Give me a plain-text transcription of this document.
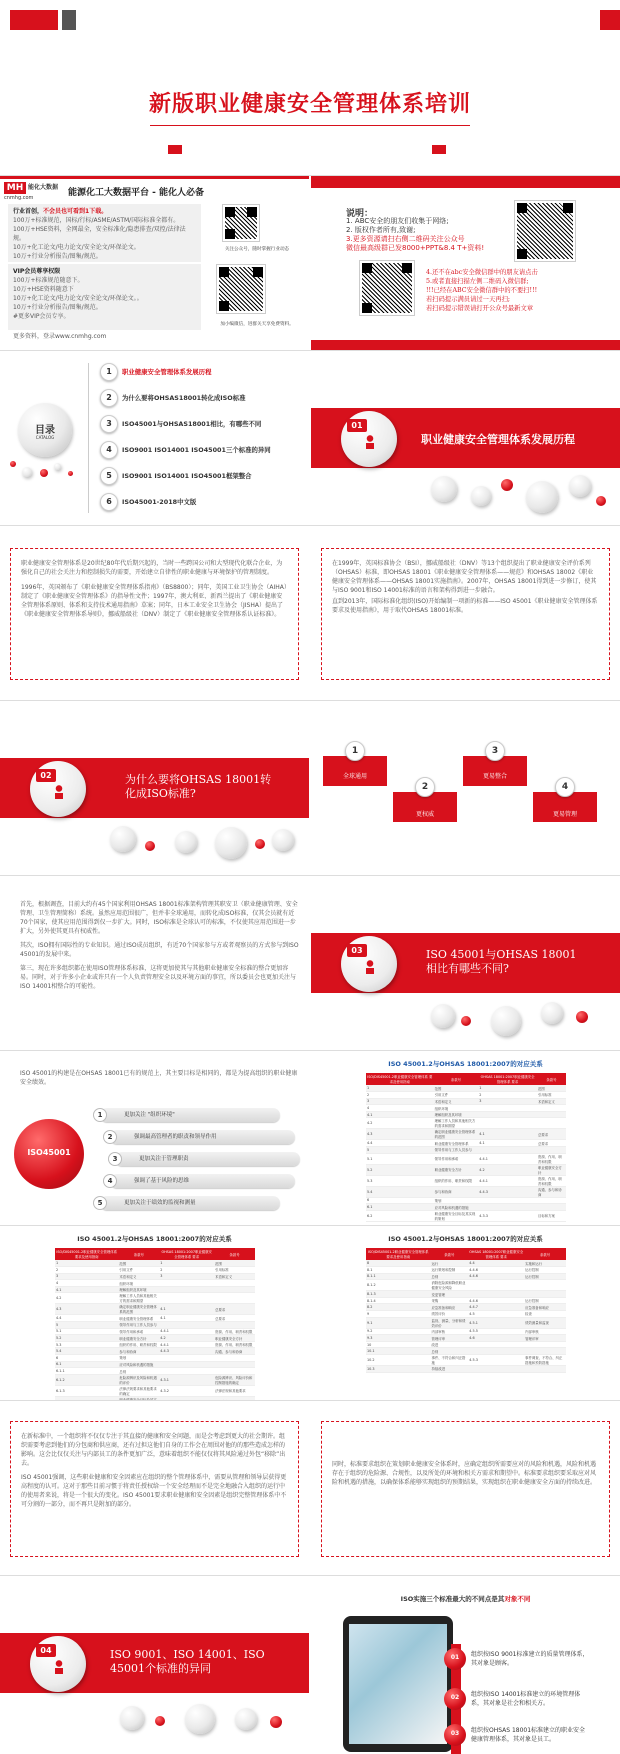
新版职业健康安全管理体系培训
MH 能化大数据
cnmhg.com	能源化工大数据平台 - 能化人必备
行业首创，不会员也可看到1下载。
100万+标准规范，国标/行标/ASME/ASTM/国际标准全都有。
100万+HSE资料，全网最全，安全标准化/隐患排查/双控/法律法规。
10万+化工论文/电力论文/安全论文/环保论文。
10万+行业分析报告/图集/规范。
关注公众号，随时掌握行业动态
VIP会员尊享权限
100万+标准规范随意下。
10万+HSE资料随意下
10万+化工论文/电力论文/安全论文/环保论文。。
10万+行业分析报告/图集/规范。
#更多VIP会员专享。
更多资料，登录www.cnmhg.com
加小编微信，进群关天享免费资料。
说明：
1. ABC安全的朋友们收集于网络;
2. 版权作者所有,致谢;
3.更多资源请扫右侧二维码关注公众号
微信最高级群已发8000+PPT&8.4 T+资料!
4.还不在abc安全微信群中的朋友请点击
5.或者直接扫描左侧二维码入微信群;
!!!已经在ABC安全微信群中的不要扫!!!
若扫码提示满员请过一天再扫;
若扫码提示错误请打开公众号最新文章
目录
CATALOG
1	职业健康安全管理体系发展历程
2	为什么要将OHSAS18001转化成ISO标准
3	ISO45001与OHSAS18001相比，有哪些不同
4	ISO9001 ISO14001 ISO45001三个标准的异同
5	ISO9001 ISO14001 ISO45001框架整合
6	ISO45001-2018中文版
01
职业健康安全管理体系发展历程
职业健康安全管理体系是20世纪80年代后期兴起的，当时一些跨国公司和大型现代化联合企业，为强化自己的社会关注力和控制损失的需要，开始建立自律性的职业健康与环境保护的管理制度。
1996年，英国颁布了《职业健康安全管理体系指南》（BS8800）；同年，美国工业卫生协会（AIHA）制定了《职业健康安全管理体系》的指导性文件；1997年，澳大利亚、新西兰提出了《职业健康安全管理体系原则、体系和支持技术通用指南》草案；同年，日本工业安全卫生协会（JISHA）提出了《职业健康安全管理体系导则》，挪威船级社（DNV）制定了《职业健康安全管理体系认证标准》。
在1999年，英国标准协会（BSI），挪威船级社（DNV）等13个组织提出了职业健康安全评价系列（OHSAS）标准，即OHSAS 18001《职业健康安全管理体系——规范》和OHSAS 18002《职业健康安全管理体系——OHSAS 18001实施指南》。2007年，OHSAS 18001得到进一步修订，使其与ISO 9001和ISO 14001标准的语言和架构得到进一步融合。
直到2013年，国际标准化组织(ISO)开始编制一项新的标准——ISO 45001《职业健康安全管理体系 要求及使用指南》，用于取代OHSAS 18001标准。
02	为什么要将OHSAS 18001转化成ISO标准?
1
全球通用
2
更权威
3
更易整合
4
更易管理
首先，根据调查，目前大约有45个国家利用OHSAS 18001标准架构管理其职安卫（职业健康管理、安全管理、卫生管理简称）系统。虽然应用范围很广，但并非全球通用，而转化成ISO标准，仅其会员就有近70个国家，使其应用范围得到仅一步扩大。同时，ISO标准是全球认可的标准，不仅使其应用范围进一步扩大，另外使其更具有权威性。
其次，ISO拥有国际性的专业知识。通过ISO成员组织，有近70个国家参与方或者观察员的方式参与到ISO 45001的发展中来。
第三，现在许多组织都在使用ISO管理体系标准，这将更加使其与其他职业健康安全标准的整合更加容易。同时，对于许多小企业或许只有一个人负责管理安全以及环境方面的事宜，所以委员会也更加关注与ISO 14001相整合的可能性。
03	ISO 45001与OHSAS 18001相比有哪些不同?
ISO 45001的构建是在OHSAS 18001已有的规范上，其主要目标是相同的，都是为提高组织的职业健康安全绩效。
ISO45001
更加关注 "组织环境"
1
强调最高管理者的职责和领导作用
2
更加关注于管理职责
3
强调了基于风险的思维
4
更加关注于绩效的监视和测量
5
ISO 45001.2与OHSAS 18001:2007的对应关系
ISO/DIS45001.2职业健康安全管理体系 要求及使用指南	条款号	OHSAS 18001:2007职业健康安全管理体系 要求	条款号
1	范围	1	范围
2	引用文件	2	引用标准
3	术语和定义	3	术语和定义
4	组织环境		
4.1	理解组织及其环境		
4.2	理解工作人员和其他相关方的需求和期望		
4.3	确定职业健康安全管理体系的范围	4.1	总要求
4.4	职业健康安全管理体系	4.1	总要求
5	领导作用与工作人员参与		
5.1	领导作用和承诺	4.4.1	资源、作用、职责和权限
5.2	职业健康安全方针	4.2	职业健康安全方针
5.3	组织的作用、职责和权限	4.4.1	资源、作用、职责和权限
5.4	参与和协商	4.4.3	沟通、参与和协商
6	策划		
6.1	应对风险和机遇的措施		
6.2	职业健康安全目标及其实现的策划	4.3.3	目标和方案
ISO 45001.2与OHSAS 18001:2007的对应关系
ISO/DIS45001.2职业健康安全管理体系 要求及使用指南	条款号	OHSAS 18001:2007职业健康安全管理体系 要求	条款号
1	范围	1	范围
2	引用文件	2	引用标准
3	术语和定义	3	术语和定义
4	组织环境		
4.1	理解组织及其环境		
4.2	理解工作人员和其他相关方的需求和期望		
4.3	确定职业健康安全管理体系的范围	4.1	总要求
4.4	职业健康安全管理体系	4.1	总要求
5	领导作用与工作人员参与		
5.1	领导作用和承诺	4.4.1	资源、作用、职责和权限
5.2	职业健康安全方针	4.2	职业健康安全方针
5.3	组织的作用、职责和权限	4.4.1	资源、作用、职责和权限
5.4	参与和协商	4.4.3	沟通、参与和协商
6	策划		
6.1	应对风险和机遇的措施		
6.1.1	总则		
6.1.2	危险源辨识及风险和机遇的评价	4.3.1	危险源辨识、风险评价和控制措施的确定
6.1.3	法律法规要求和其他要求的确定	4.3.2	法律法规和其他要求

ISO 45001.2与OHSAS 18001:2007的对应关系
ISO/DIS45001.2职业健康安全管理体系 要求及使用指南	条款号	OHSAS 18001:2007职业健康安全管理体系 要求	条款号
8	运行	4.4	实施和运行
8.1	运行策划和控制	4.4.6	运行控制
8.1.1	总则	4.4.6	运行控制
8.1.2	消除危险源和降低职业健康安全风险		
8.1.3	变更管理		
8.1.4	采购	4.4.6	运行控制
8.2	应急准备和响应	4.4.7	应急准备和响应
9	绩效评价	4.5	检查
9.1	监视、测量、分析和绩效评价	4.5.1	绩效测量和监视
9.2	内部审核	4.5.5	内部审核
9.3	管理评审	4.6	管理评审
10	改进		
10.1	总则		
10.2	事件、不符合和纠正措施	4.5.3	事件调查、不符合、纠正措施和预防措施
10.3	持续改进		
在新标准中，一个组织将不仅仅专注于其直接的健康和安全问题，而是会考虑到更大的社会期许。组织需要考虑到他们的分包商和供应商，还有过担这他们自身的工作会在周围对他的的那些造成怎样的影响。这会比仅仅关注与内部员工的条件更加广泛，意味着组织不能仅仅将其风险通过外包“移除”出去。
ISO 45001强调，这些职业健康和安全因素应在组织的整个管理体系中，需要从管理和领导层获得更高程度的认可。这对于那些目前习惯于将责任授权给一个安全经理而不是完全地融合入组织的运行中的使用者来说，将是一个很大的变化。ISO 45001要求职业健康和安全因素是组织完整管理体系中不可分割的一部分，而不再只是附加的部分。
同时，标准要求组织在策划职业健康安全体系时，应确定组织所需要应对的风险和机遇，风险和机遇存在于组织的危险源、合规性，以及所处的环境和相关方需求和期望中。标准要求组织要采取应对风险和机遇的措施，以确保体系能够实现组织的预期结果，实现组织在职业健康安全方面的持续改进。
04	ISO 9001、ISO 14001、ISO 45001个标准的异同
ISO实施三个标准最大的不同点是其对象不同
01	组织按ISO 9001标准建立的质量管理体系，其对象是顾客。
02	组织按ISO 14001标准建立的环境管理体系，其对象是社会和相关方。
03	组织按OHSAS 18001标准建立的职业安全健康管理体系，其对象是员工。
